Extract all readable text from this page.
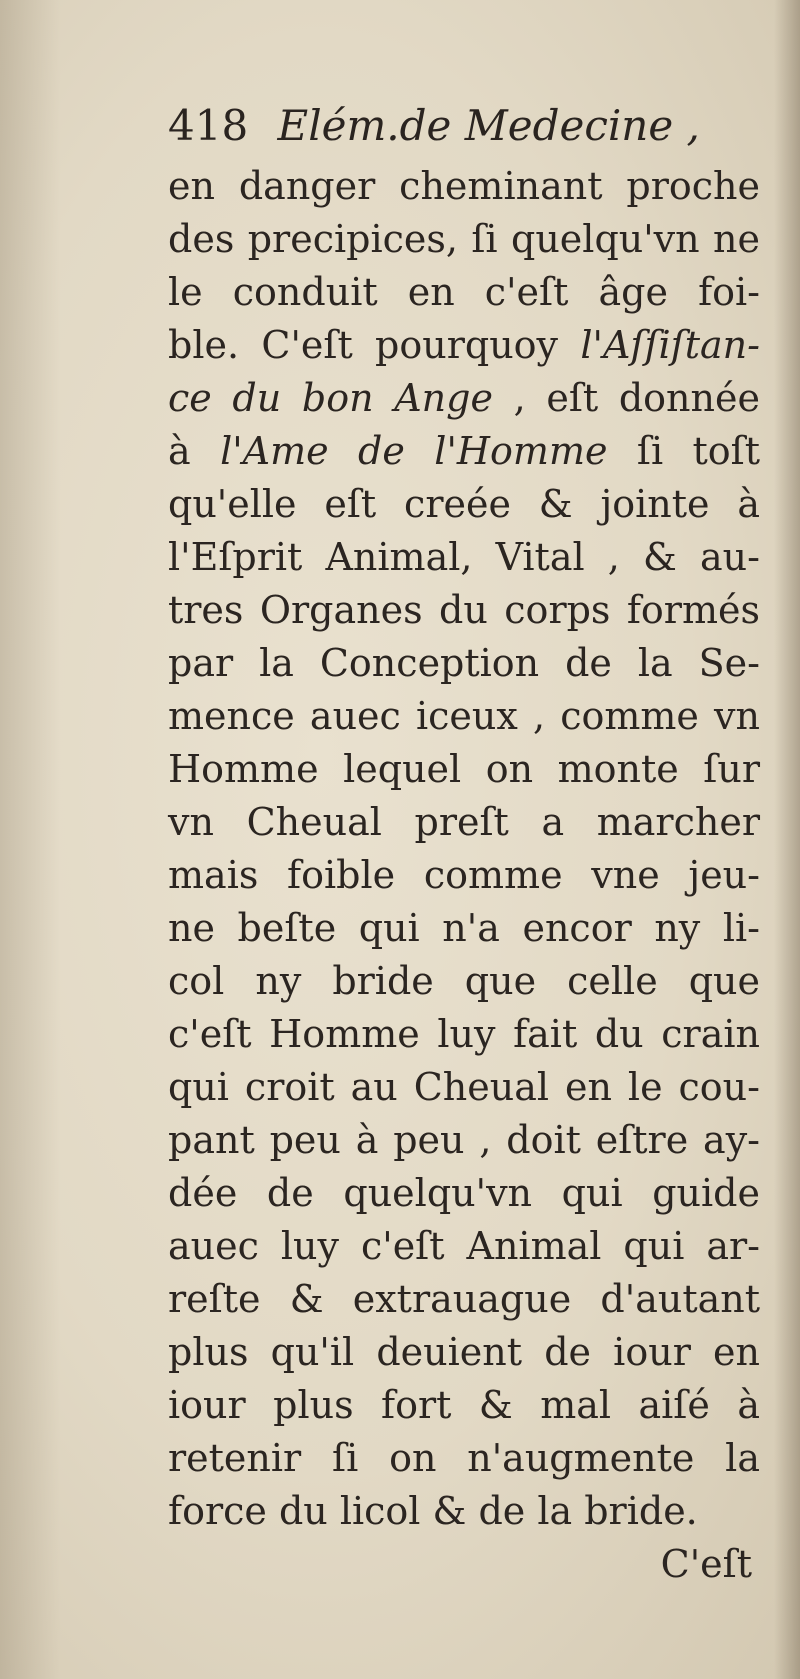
418 Elém.de Medecine ,
en danger cheminant proche
des precipices, ſi quelqu'vn ne
le conduit en c'eſt âge foi-
ble. C'eſt pourquoy l'Aſſiſtan-
ce du bon Ange , eſt donnée
à l'Ame de l'Homme ſi toſt
qu'elle eſt creée & jointe à
l'Eſprit Animal, Vital , & au-
tres Organes du corps formés
par la Conception de la Se-
mence auec iceux , comme vn
Homme lequel on monte ſur
vn Cheual preſt a marcher
mais foible comme vne jeu-
ne beſte qui n'a encor ny li-
col ny bride que celle que
c'eſt Homme luy fait du crain
qui croit au Cheual en le cou-
pant peu à peu , doit eſtre ay-
dée de quelqu'vn qui guide
auec luy c'eſt Animal qui ar-
reſte & extrauague d'autant
plus qu'il deuient de iour en
iour plus fort & mal aiſé à
retenir ſi on n'augmente la
force du licol & de la bride.
C'eſt
